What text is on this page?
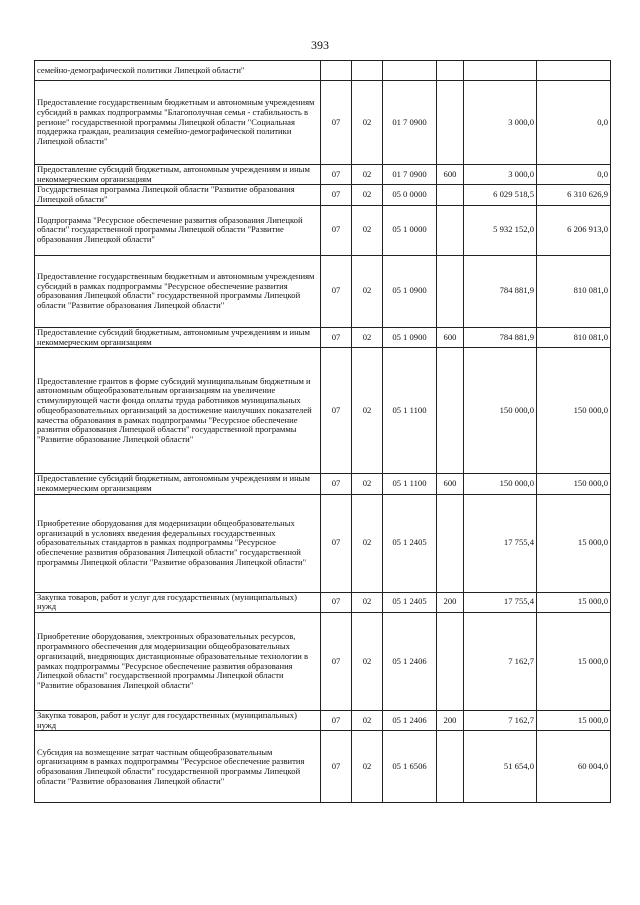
393
семейно-демографической политики Липецкой области"						
Предоставление государственным бюджетным и автономным учреждениям субсидий в рамках подпрограммы "Благополучная семья - стабильность в регионе" государственной программы Липецкой области "Социальная поддержка граждан, реализация семейно-демографической политики Липецкой области"	07	02	01 7 0900		3 000,0	0,0
Предоставление субсидий бюджетным, автономным учреждениям и иным некоммерческим организациям	07	02	01 7 0900	600	3 000,0	0,0
Государственная программа Липецкой области "Развитие образования Липецкой области"	07	02	05 0 0000		6 029 518,5	6 310 626,9
Подпрограмма "Ресурсное обеспечение развития образования Липецкой области" государственной программы Липецкой области "Развитие образования Липецкой области"	07	02	05 1 0000		5 932 152,0	6 206 913,0
Предоставление государственным бюджетным и автономным учреждениям субсидий в рамках подпрограммы "Ресурсное обеспечение развития образования Липецкой области" государственной программы Липецкой области "Развитие образования Липецкой области"	07	02	05 1 0900		784 881,9	810 081,0
Предоставление субсидий бюджетным, автономным учреждениям и иным некоммерческим организациям	07	02	05 1 0900	600	784 881,9	810 081,0
Предоставление грантов в форме субсидий муниципальным бюджетным и автономным общеобразовательным организациям на увеличение стимулирующей части фонда оплаты труда работников муниципальных общеобразовательных организаций за достижение наилучших показателей качества образования в рамках подпрограммы "Ресурсное обеспечение развития образования Липецкой области" государственной программы "Развитие образование Липецкой области"	07	02	05 1 1100		150 000,0	150 000,0
Предоставление субсидий бюджетным, автономным учреждениям и иным некоммерческим организациям	07	02	05 1 1100	600	150 000,0	150 000,0
Приобретение оборудования для модернизации общеобразовательных организаций в условиях введения федеральных государственных образовательных стандартов в рамках подпрограммы "Ресурсное обеспечение развития образования Липецкой области" государственной программы Липецкой области "Развитие образования Липецкой области"	07	02	05 1 2405		17 755,4	15 000,0
Закупка товаров, работ и услуг для государственных (муниципальных) нужд	07	02	05 1 2405	200	17 755,4	15 000,0
Приобретение оборудования, электронных образовательных ресурсов, программного обеспечения для модернизации общеобразовательных организаций, внедряющих дистанционные образовательные технологии в рамках подпрограммы "Ресурсное обеспечение развития образования Липецкой области" государственной программы Липецкой области "Развитие образования Липецкой области"	07	02	05 1 2406		7 162,7	15 000,0
Закупка товаров, работ и услуг для государственных (муниципальных) нужд	07	02	05 1 2406	200	7 162,7	15 000,0
Субсидия на возмещение затрат частным общеобразовательным организациям в рамках подпрограммы "Ресурсное обеспечение развития образования Липецкой области" государственной программы Липецкой области "Развитие образования Липецкой области"	07	02	05 1 6506		51 654,0	60 004,0
